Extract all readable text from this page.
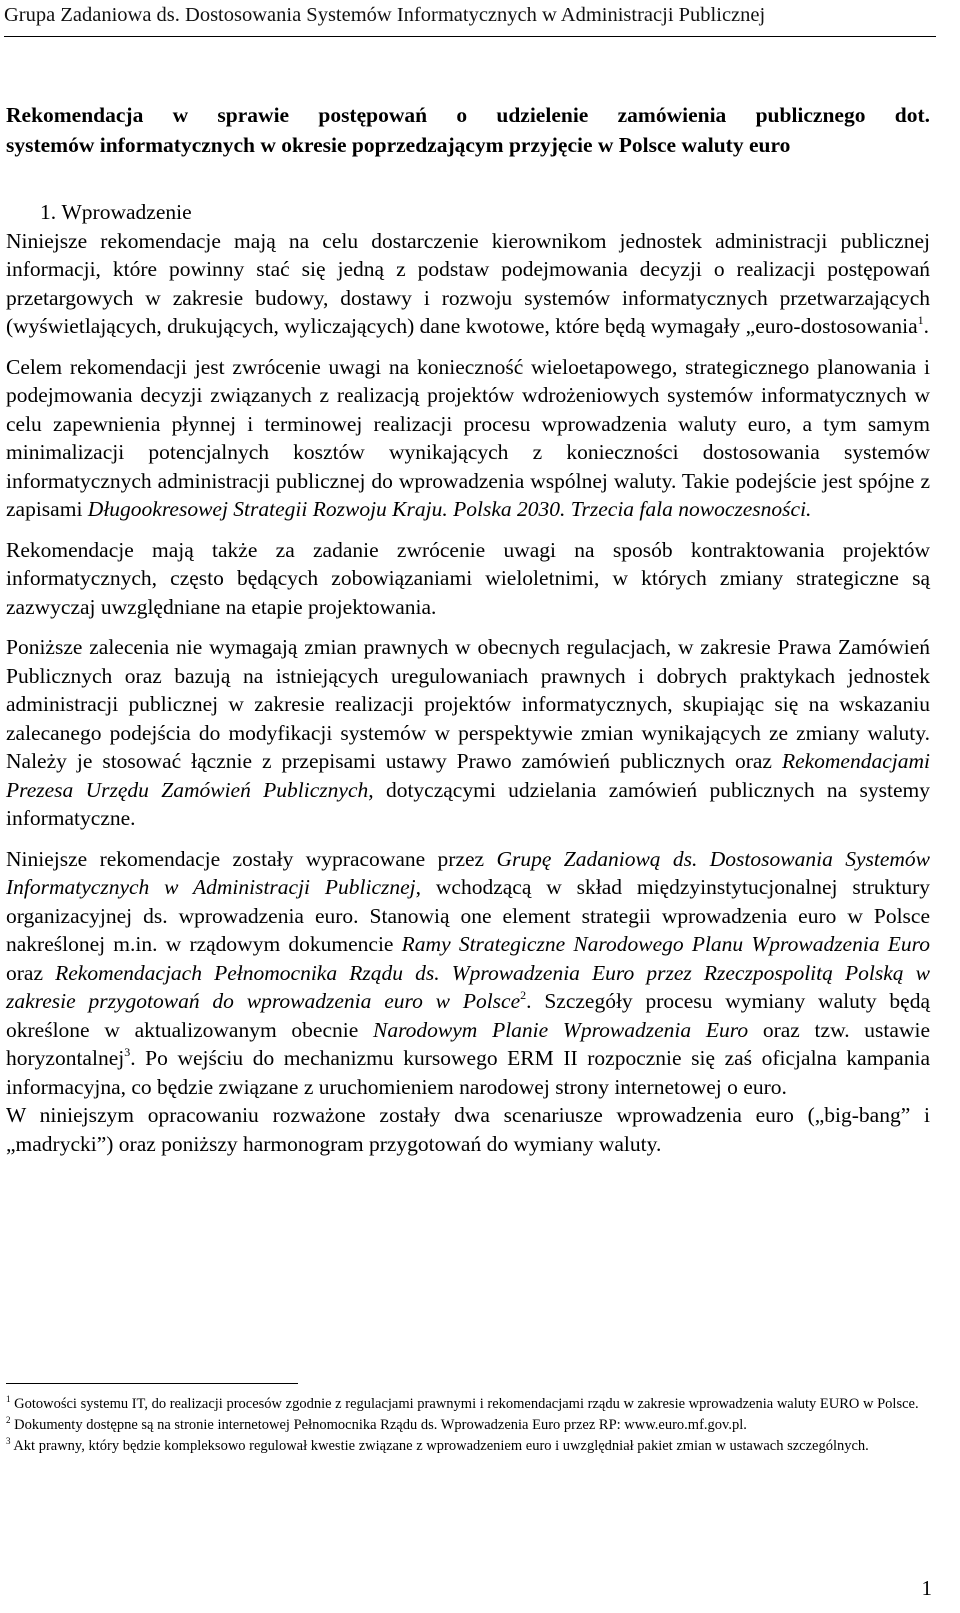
Grupa Zadaniowa ds. Dostosowania Systemów Informatycznych w Administracji Publicznej
Rekomendacja w sprawie postępowań o udzielenie zamówienia publicznego dot.
systemów informatycznych w okresie poprzedzającym przyjęcie w Polsce waluty euro
1. Wprowadzenie

Niniejsze rekomendacje mają na celu dostarczenie kierownikom jednostek administracji publicznej informacji, które powinny stać się jedną z podstaw podejmowania decyzji o realizacji postępowań przetargowych w zakresie budowy, dostawy i rozwoju systemów informatycznych przetwarzających (wyświetlających, drukujących, wyliczających) dane kwotowe, które będą wymagały „euro-dostosowania$^1$.

Celem rekomendacji jest zwrócenie uwagi na konieczność wieloetapowego, strategicznego planowania i podejmowania decyzji związanych z realizacją projektów wdrożeniowych systemów informatycznych w celu zapewnienia płynnej i terminowej realizacji procesu wprowadzenia waluty euro, a tym samym minimalizacji potencjalnych kosztów wynikających z konieczności dostosowania systemów informatycznych administracji publicznej do wprowadzenia wspólnej waluty. Takie podejście jest spójne z zapisami Długookresowej Strategii Rozwoju Kraju. Polska 2030. Trzecia fala nowoczesności.

Rekomendacje mają także za zadanie zwrócenie uwagi na sposób kontraktowania projektów informatycznych, często będących zobowiązaniami wieloletnimi, w których zmiany strategiczne są zazwyczaj uwzględniane na etapie projektowania.

Poniższe zalecenia nie wymagają zmian prawnych w obecnych regulacjach, w zakresie Prawa Zamówień Publicznych oraz bazują na istniejących uregulowaniach prawnych i dobrych praktykach jednostek administracji publicznej w zakresie realizacji projektów informatycznych, skupiając się na wskazaniu zalecanego podejścia do modyfikacji systemów w perspektywie zmian wynikających ze zmiany waluty. Należy je stosować łącznie z przepisami ustawy Prawo zamówień publicznych oraz Rekomendacjami Prezesa Urzędu Zamówień Publicznych, dotyczącymi udzielania zamówień publicznych na systemy informatyczne.

Niniejsze rekomendacje zostały wypracowane przez Grupę Zadaniową ds. Dostosowania Systemów Informatycznych w Administracji Publicznej, wchodzącą w skład międzyinstytucjonalnej struktury organizacyjnej ds. wprowadzenia euro. Stanowią one element strategii wprowadzenia euro w Polsce nakreślonej m.in. w rządowym dokumencie Ramy Strategiczne Narodowego Planu Wprowadzenia Euro oraz Rekomendacjach Pełnomocnika Rządu ds. Wprowadzenia Euro przez Rzeczpospolitą Polską w zakresie przygotowań do wprowadzenia euro w Polsce$^2$. Szczegóły procesu wymiany waluty będą określone w aktualizowanym obecnie Narodowym Planie Wprowadzenia Euro oraz tzw. ustawie horyzontalnej$^3$. Po wejściu do mechanizmu kursowego ERM II rozpocznie się zaś oficjalna kampania informacyjna, co będzie związane z uruchomieniem narodowej strony internetowej o euro.

W niniejszym opracowaniu rozważone zostały dwa scenariusze wprowadzenia euro („big-bang” i „madrycki”) oraz poniższy harmonogram przygotowań do wymiany waluty.

$^1$ Gotowości systemu IT, do realizacji procesów zgodnie z regulacjami prawnymi i rekomendacjami rządu w zakresie wprowadzenia waluty EURO w Polsce.

$^2$ Dokumenty dostępne są na stronie internetowej Pełnomocnika Rządu ds. Wprowadzenia Euro przez RP: www.euro.mf.gov.pl.

$^3$ Akt prawny, który będzie kompleksowo regulował kwestie związane z wprowadzeniem euro i uwzględniał pakiet zmian w ustawach szczególnych.

1
